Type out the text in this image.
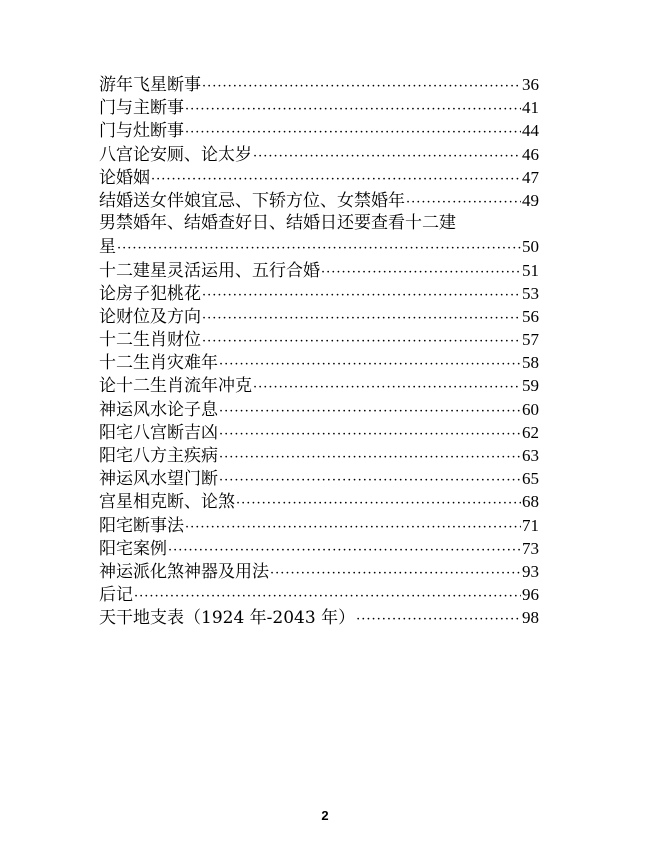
游年飞星断事 ·····	36
门与主断事 ·····	41
门与灶断事 ·····	44
八宫论安厕、论太岁 ·····	46
论婚姻 ·····	47
结婚送女伴娘宜忌、下轿方位、女禁婚年 ·····	49
男禁婚年、结婚查好日、结婚日还要查看十二建
星 ·····	50
十二建星灵活运用、五行合婚 ·····	51
论房子犯桃花 ·····	53
论财位及方向 ·····	56
十二生肖财位 ·····	57
十二生肖灾难年 ·····	58
论十二生肖流年冲克 ·····	59
神运风水论子息 ·····	60
阳宅八宫断吉凶 ·····	62
阳宅八方主疾病 ·····	63
神运风水望门断 ·····	65
宫星相克断、论煞 ·····	68
阳宅断事法 ·····	71
阳宅案例 ·····	73
神运派化煞神器及用法 ·····	93
后记 ·····	96
天干地支表（1924 年-2043 年） ·····	98
2
